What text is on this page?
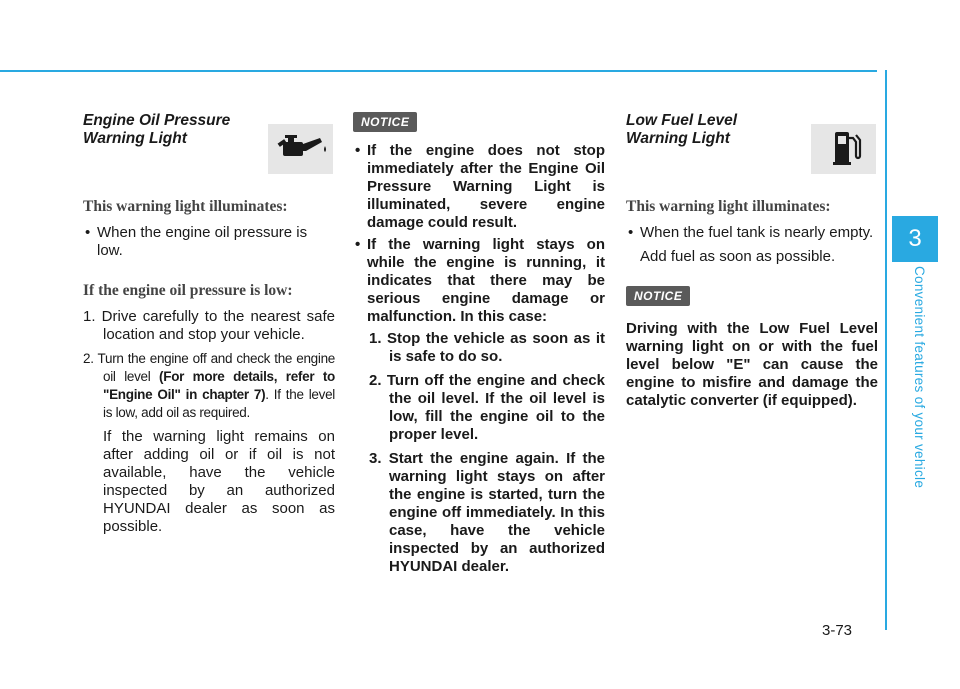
3
Convenient features of your vehicle
3-73
Engine Oil Pressure Warning Light
This warning light illuminates:
• When the engine oil pressure is low.
If the engine oil pressure is low:
1. Drive carefully to the nearest safe location and stop your vehicle.
2. Turn the engine off and check the engine oil level (For more details, refer to "Engine Oil" in chapter 7). If the level is low, add oil as required.

If the warning light remains on after adding oil or if oil is not available, have the vehicle inspected by an authorized HYUNDAI dealer as soon as possible.

NOTICE
• If the engine does not stop immediately after the Engine Oil Pressure Warning Light is illuminated, severe engine damage could result.
• If the warning light stays on while the engine is running, it indicates that there may be serious engine damage or malfunction. In this case:
1. Stop the vehicle as soon as it is safe to do so.
2. Turn off the engine and check the oil level. If the oil level is low, fill the engine oil to the proper level.
3. Start the engine again. If the warning light stays on after the engine is started, turn the engine off immediately. In this case, have the vehicle inspected by an authorized HYUNDAI dealer.
Low Fuel Level Warning Light
This warning light illuminates:
• When the fuel tank is nearly empty.

Add fuel as soon as possible.

NOTICE

Driving with the Low Fuel Level warning light on or with the fuel level below "E" can cause the engine to misfire and damage the catalytic converter (if equipped).
